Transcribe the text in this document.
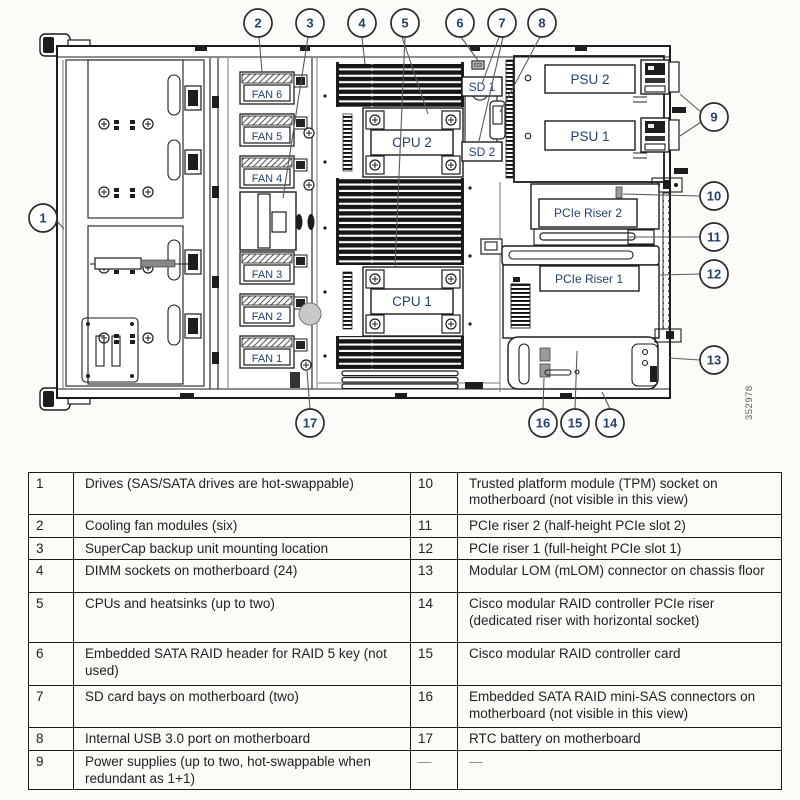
FAN 6
FAN 5
FAN 4
FAN 3
FAN 2
FAN 1
CPU 2
CPU 1
SD 1
SD 2
PSU 2
PSU 1
PCIe Riser 2
PCIe Riser 1
1
2	3	4	5	6	7	8
9
10
11
12
13
14
15
16
17
352978
1	Drives (SAS/SATA drives are hot-swappable)	10	Trusted platform module (TPM) socket on motherboard (not visible in this view)
2	Cooling fan modules (six)	11	PCIe riser 2 (half-height PCIe slot 2)
3	SuperCap backup unit mounting location	12	PCIe riser 1 (full-height PCIe slot 1)
4	DIMM sockets on motherboard (24)	13	Modular LOM (mLOM) connector on chassis floor
5	CPUs and heatsinks (up to two)	14	Cisco modular RAID controller PCIe riser (dedicated riser with horizontal socket)
6	Embedded SATA RAID header for RAID 5 key (not used)	15	Cisco modular RAID controller card
7	SD card bays on motherboard (two)	16	Embedded SATA RAID mini-SAS connectors on motherboard (not visible in this view)
8	Internal USB 3.0 port on motherboard	17	RTC battery on motherboard
9	Power supplies (up to two, hot-swappable when redundant as 1+1)	—	—
